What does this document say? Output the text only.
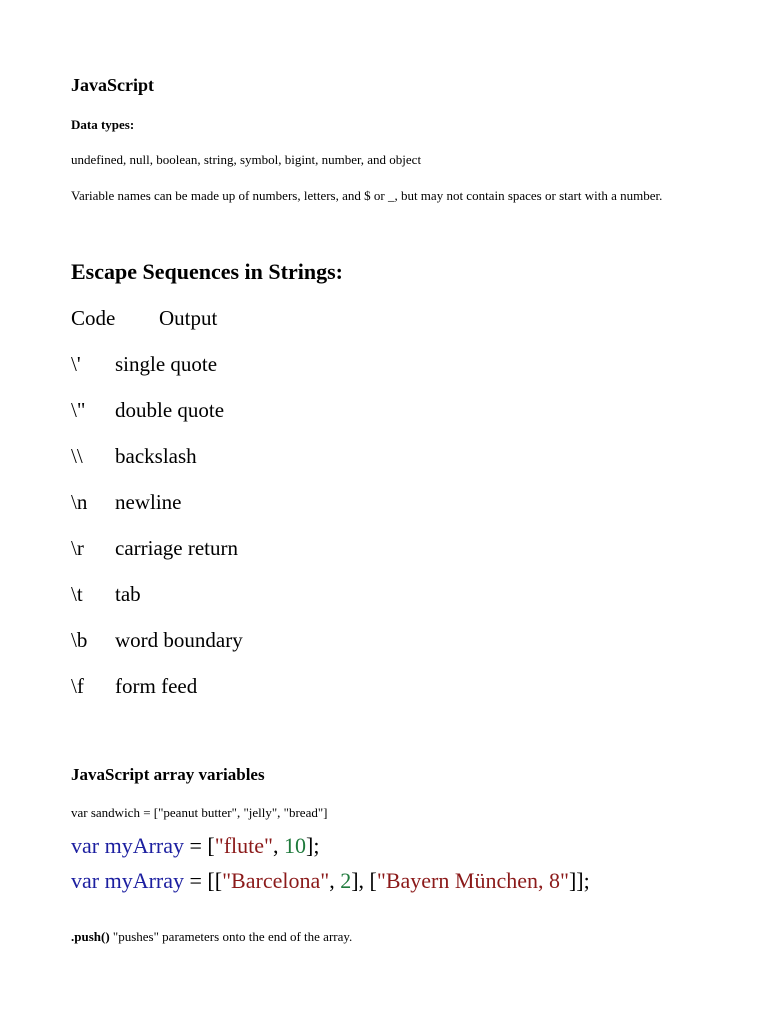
JavaScript
Data types:
undefined, null, boolean, string, symbol, bigint, number, and object
Variable names can be made up of numbers, letters, and $ or _, but may not contain spaces or start with a number.
Escape Sequences in Strings:
Code Output
\' single quote
\" double quote
\\ backslash
\n newline
\r carriage return
\t tab
\b word boundary
\f form feed
JavaScript array variables
var sandwich = ["peanut butter", "jelly", "bread"]
var myArray = ["flute", 10];
var myArray = [["Barcelona", 2], ["Bayern München, 8"]];
.push() "pushes" parameters onto the end of the array.
